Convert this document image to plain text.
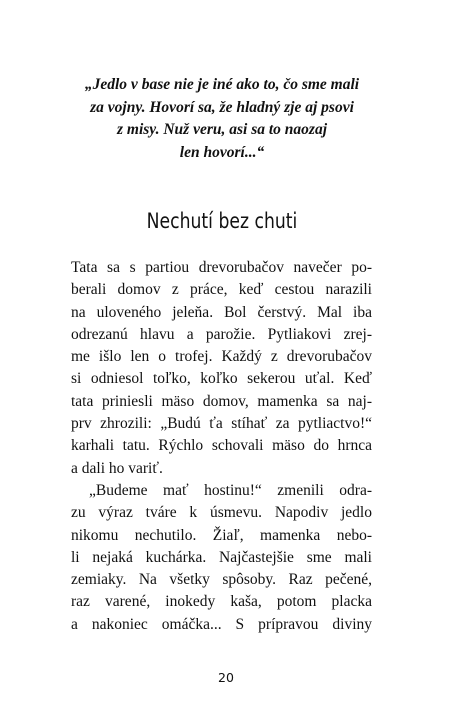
„Jedlo v base nie je iné ako to, čo sme mali
za vojny. Hovorí sa, že hladný zje aj psovi
z misy. Nuž veru, asi sa to naozaj
len hovorí...“
Nechutí bez chuti
Tata sa s partiou drevorubačov navečer po-
berali domov z práce, keď cestou narazili
na uloveného jeleňa. Bol čerstvý. Mal iba
odrezanú hlavu a parožie. Pytliakovi zrej-
me išlo len o trofej. Každý z drevorubačov
si odniesol toľko, koľko sekerou uťal. Keď
tata priniesli mäso domov, mamenka sa naj-
prv zhrozili: „Budú ťa stíhať za pytliactvo!“
karhali tatu. Rýchlo schovali mäso do hrnca
a dali ho variť.
„Budeme mať hostinu!“ zmenili odra-
zu výraz tváre k úsmevu. Napodiv jedlo
nikomu nechutilo. Žiaľ, mamenka nebo-
li nejaká kuchárka. Najčastejšie sme mali
zemiaky. Na všetky spôsoby. Raz pečené,
raz varené, inokedy kaša, potom placka
a nakoniec omáčka... S prípravou diviny
20
